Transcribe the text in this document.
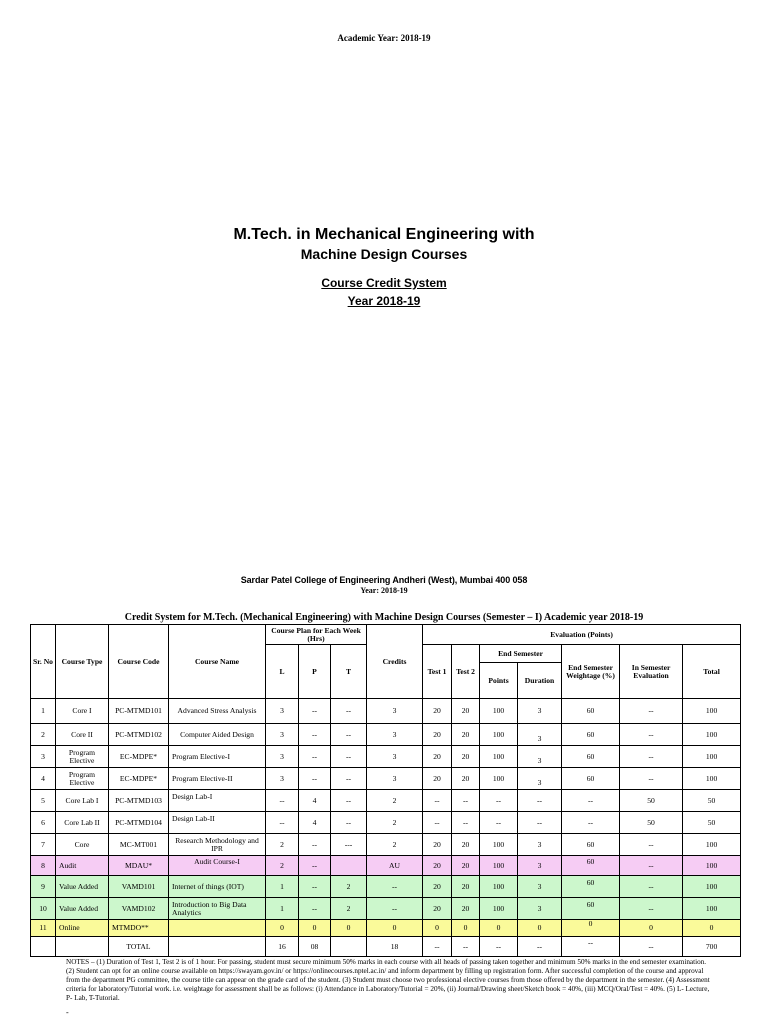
Academic Year: 2018-19
M.Tech. in Mechanical Engineering with
Machine Design Courses
Course Credit System
Year 2018-19
Sardar Patel College of Engineering Andheri (West), Mumbai 400 058
Year: 2018-19
Credit System for M.Tech. (Mechanical Engineering) with Machine Design Courses (Semester – I) Academic year 2018-19
Sr. No	Course Type	Course Code	Course Name	Course Plan for Each Week (Hrs)			Credits	Evaluation (Points)						
				L	P	T		Test 1	Test 2	End Semester		End Semester Weightage (%)	In Semester Evaluation	Total
										Points	Duration			
1	Core I	PC-MTMD101	Advanced Stress Analysis	3	--	--	3	20	20	100	3	60	--	100
2	Core II	PC-MTMD102	Computer Aided Design	3	--	--	3	20	20	100	3	60	--	100
3	Program Elective	EC-MDPE*	Program Elective-I	3	--	--	3	20	20	100	3	60	--	100
4	Program Elective	EC-MDPE*	Program Elective-II	3	--	--	3	20	20	100	3	60	--	100
5	Core Lab I	PC-MTMD103	Design Lab-I	--	4	--	2	--	--	--	--	--	50	50
6	Core Lab II	PC-MTMD104	Design Lab-II	--	4	--	2	--	--	--	--	--	50	50
7	Core	MC-MT001	Research Methodology and IPR	2	--	---	2	20	20	100	3	60	--	100
8	Audit	MDAU*	Audit Course-I	2	--		AU	20	20	100	3	60	--	100
9	Value Added	VAMD101	Internet of things (IOT)	1	--	2	--	20	20	100	3	60	--	100
10	Value Added	VAMD102	Introduction to Big Data Analytics	1	--	2	--	20	20	100	3	60	--	100
11	Online	MTMDO**		0	0	0	0	0	0	0	0	0	0	0
		TOTAL		16	08		18	--	--	--	--	--	--	700
NOTES – (1) Duration of Test 1, Test 2 is of 1 hour. For passing, student must secure minimum 50% marks in each course with all heads of passing taken together and minimum 50% marks in the end semester examination. (2) Student can opt for an online course available on https://swayam.gov.in/ or https://onlinecourses.nptel.ac.in/ and inform department by filling up registration form. After successful completion of the course and approval from the department PG committee, the course title can appear on the grade card of the student. (3) Student must choose two professional elective courses from those offered by the department in the semester. (4) Assessment criteria for laboratory/Tutorial work. i.e. weightage for assessment shall be as follows: (i) Attendance in Laboratory/Tutorial = 20%, (ii) Journal/Drawing sheet/Sketch book = 40%, (iii) MCQ/Oral/Test = 40%. (5) L- Lecture, P- Lab, T-Tutorial.
-
